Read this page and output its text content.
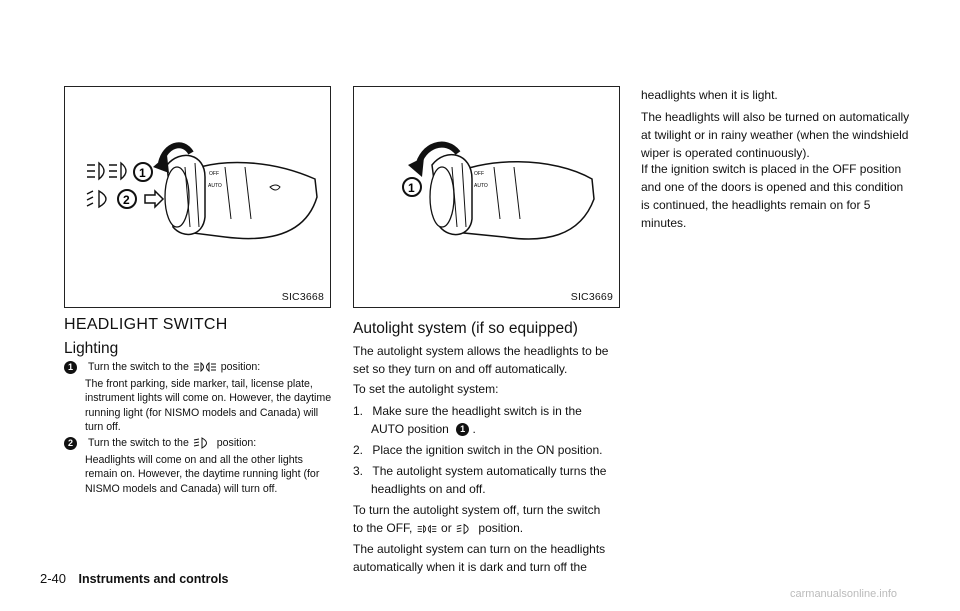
OFF
AUTO
1
2
SIC3668
OFF
AUTO
1
SIC3669
HEADLIGHT SWITCH
Lighting
1 Turn the switch to the	position:
The front parking, side marker, tail, license plate, instrument lights will come on. However, the daytime running light (for NISMO models and Canada) will turn off.
2 Turn the switch to the	position:
Headlights will come on and all the other lights remain on. However, the daytime running light (for NISMO models and Canada) will turn off.
Autolight system (if so equipped)
The autolight system allows the headlights to be set so they turn on and off automatically.
To set the autolight system:
1. Make sure the headlight switch is in the
AUTO position 1 .
2. Place the ignition switch in the ON position.
3. The autolight system automatically turns the
headlights on and off.
To turn the autolight system off, turn the switch
to the OFF, or position.
The autolight system can turn on the headlights automatically when it is dark and turn off the
headlights when it is light.
The headlights will also be turned on automatically at twilight or in rainy weather (when the windshield wiper is operated continuously).
If the ignition switch is placed in the OFF position and one of the doors is opened and this condition is continued, the headlights remain on for 5 minutes.
2-40 Instruments and controls
carmanualsonline.info
